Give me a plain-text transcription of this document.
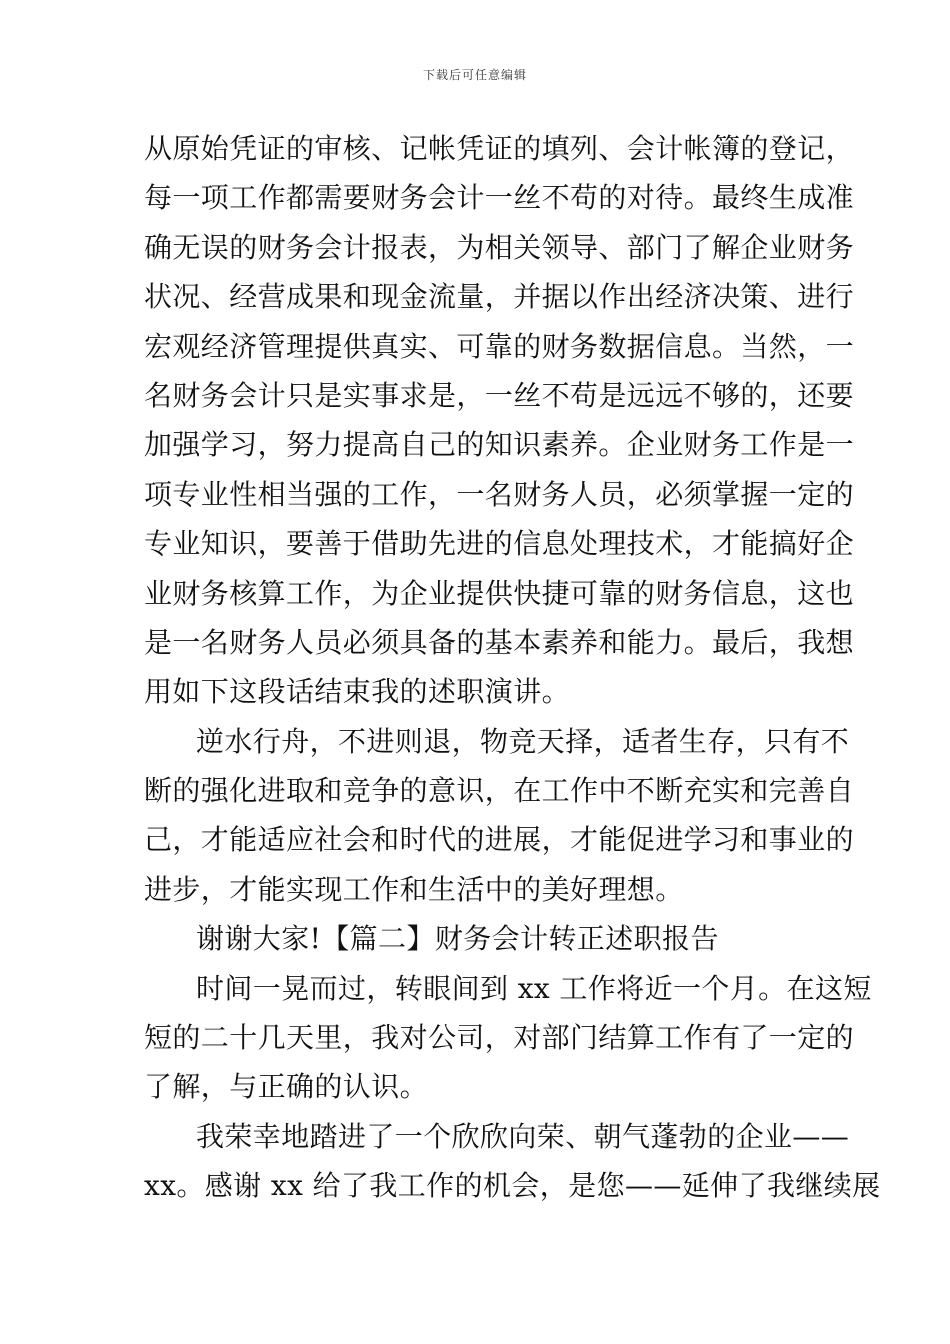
下载后可任意编辑
从原始凭证的审核、记帐凭证的填列、会计帐簿的登记，
每一项工作都需要财务会计一丝不苟的对待。最终生成准
确无误的财务会计报表，为相关领导、部门了解企业财务
状况、经营成果和现金流量，并据以作出经济决策、进行
宏观经济管理提供真实、可靠的财务数据信息。当然，一
名财务会计只是实事求是，一丝不苟是远远不够的，还要
加强学习，努力提高自己的知识素养。企业财务工作是一
项专业性相当强的工作，一名财务人员，必须掌握一定的
专业知识，要善于借助先进的信息处理技术，才能搞好企
业财务核算工作，为企业提供快捷可靠的财务信息，这也
是一名财务人员必须具备的基本素养和能力。最后，我想
用如下这段话结束我的述职演讲。
逆水行舟，不进则退，物竞天择，适者生存，只有不
断的强化进取和竞争的意识，在工作中不断充实和完善自
己，才能适应社会和时代的进展，才能促进学习和事业的
进步，才能实现工作和生活中的美好理想。
谢谢大家!【篇二】财务会计转正述职报告
时间一晃而过，转眼间到 xx 工作将近一个月。在这短
短的二十几天里，我对公司，对部门结算工作有了一定的
了解，与正确的认识。
我荣幸地踏进了一个欣欣向荣、朝气蓬勃的企业——
xx。感谢 xx 给了我工作的机会，是您——延伸了我继续展
